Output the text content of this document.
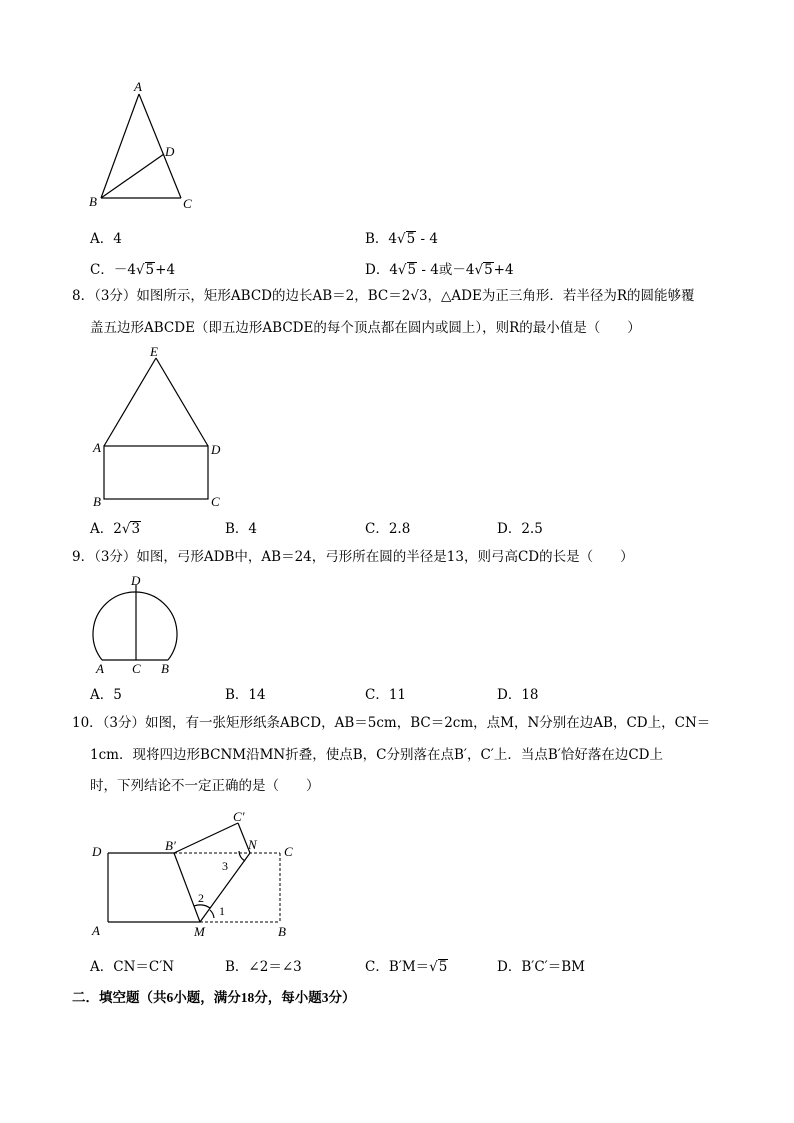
A
D
B	C
A．4	B．4√5 - 4
C．－4√5+4	D．4√5 - 4或－4√5+4
8．（3分）如图所示，矩形ABCD的边长AB＝2，BC＝2√3，△ADE为正三角形．若半径为R的圆能够覆
盖五边形ABCDE（即五边形ABCDE的每个顶点都在圆内或圆上），则R的最小值是（　　）
E
A	D
B	C
A．2√3	B．4	C．2.8	D．2.5
9．（3分）如图，弓形ADB中，AB＝24，弓形所在圆的半径是13，则弓高CD的长是（　　）
D
A C B
A．5	B．14	C．11	D．18
10．（3分）如图，有一张矩形纸条ABCD，AB＝5cm，BC＝2cm，点M，N分别在边AB，CD上，CN＝
1cm．现将四边形BCNM沿MN折叠，使点B，C分别落在点B′，C′上．当点B′恰好落在边CD上
时，下列结论不一定正确的是（　　）
D	B′
C′
N C
A	M	B
3
2
1
A．CN＝C′N	B．∠2＝∠3	C．B′M＝√5	D．B′C′＝BM
二．填空题（共6小题，满分18分，每小题3分）
